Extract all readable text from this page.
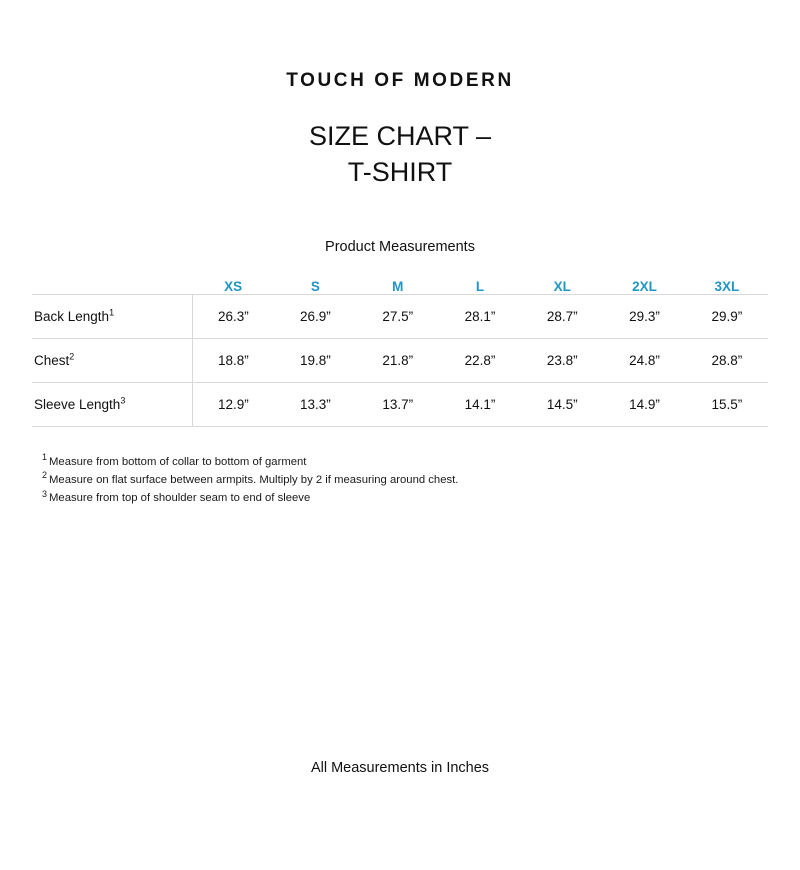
TOUCH OF MODERN
SIZE CHART –
T-SHIRT
Product Measurements
	XS	S	M	L	XL	2XL	3XL
Back Length$^1$	26.3”	26.9”	27.5”	28.1”	28.7”	29.3”	29.9”
Chest$^2$	18.8”	19.8”	21.8”	22.8”	23.8”	24.8”	28.8”
Sleeve Length$^3$	12.9”	13.3”	13.7”	14.1”	14.5”	14.9”	15.5”
$^1$ Measure from bottom of collar to bottom of garment
$^2$ Measure on flat surface between armpits. Multiply by 2 if measuring around chest.
$^3$ Measure from top of shoulder seam to end of sleeve
All Measurements in Inches
